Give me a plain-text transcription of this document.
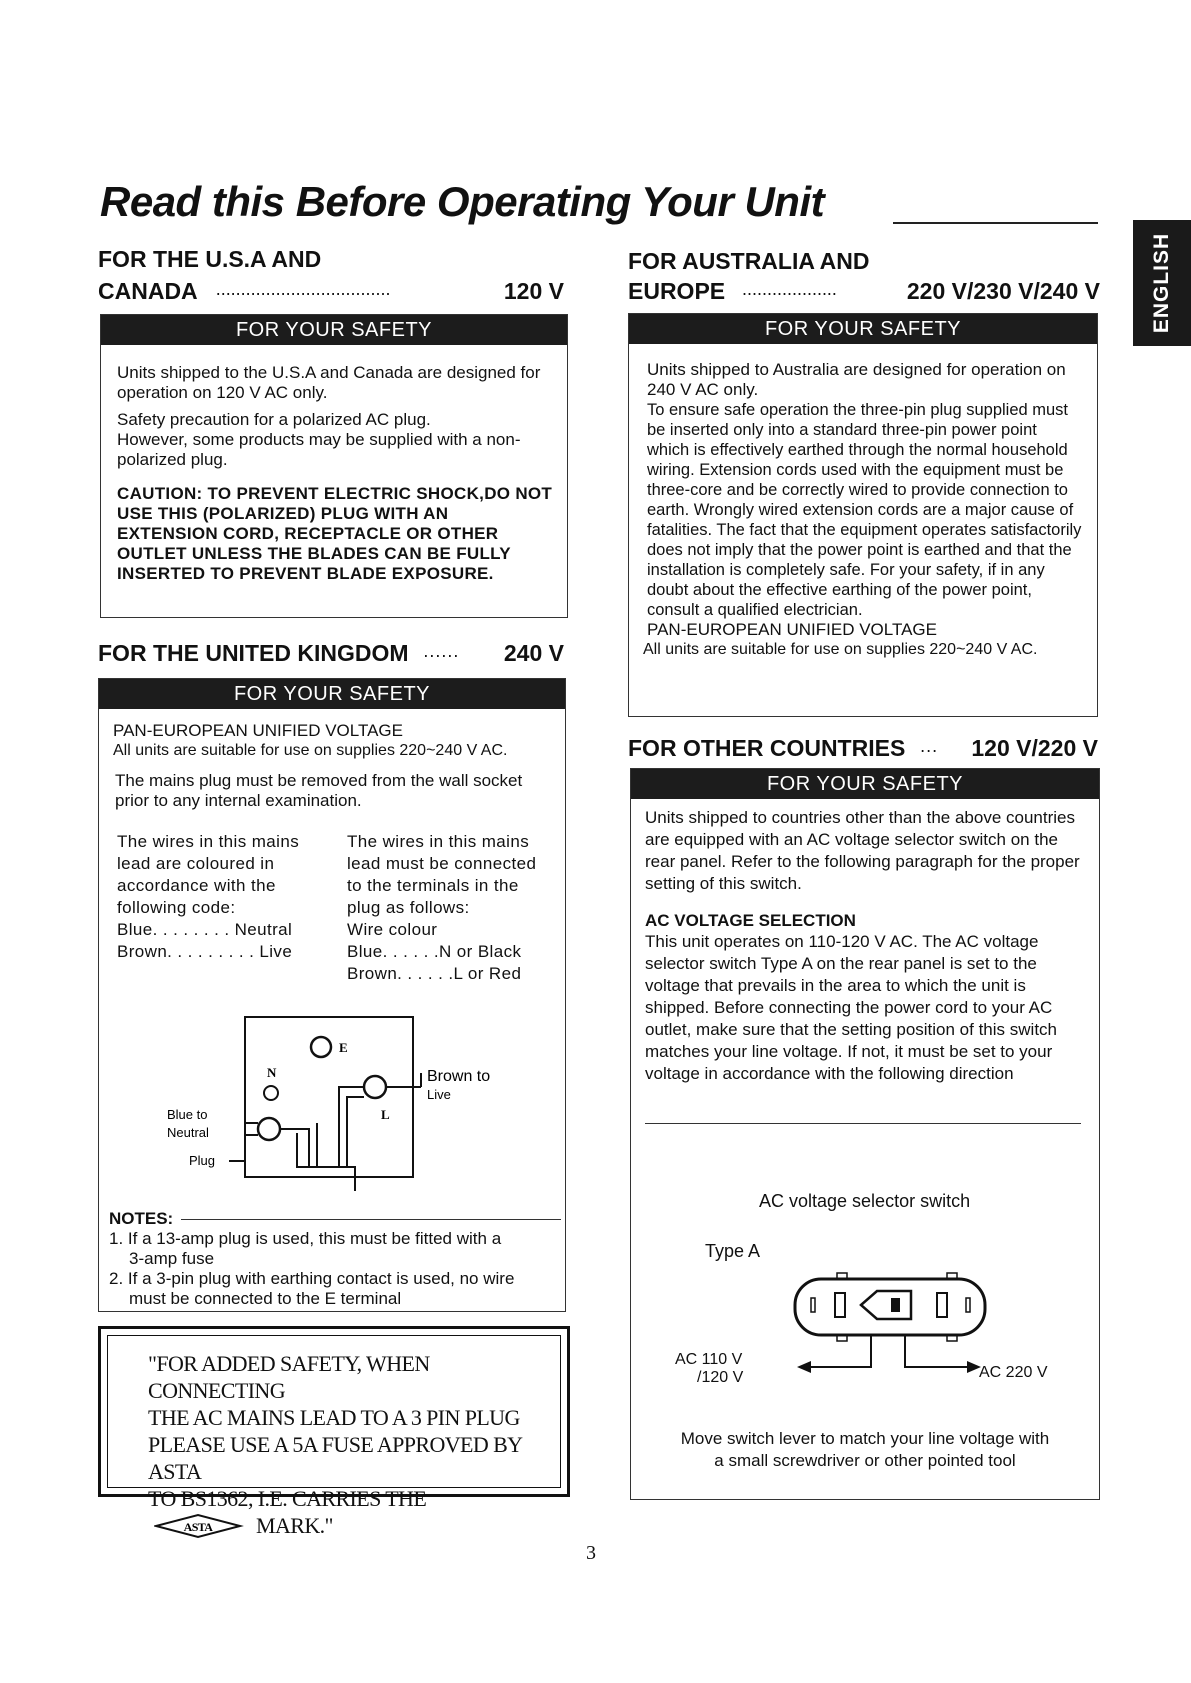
Read this Before Operating Your Unit
ENGLISH
FOR THE U.S.A AND
CANADA ···································	120 V
FOR YOUR SAFETY
Units shipped to the U.S.A and Canada are designed for operation on 120 V AC only.
Safety precaution for a polarized AC plug.
However, some products may be supplied with a non-polarized plug.
CAUTION: TO PREVENT ELECTRIC SHOCK,DO NOT USE THIS (POLARIZED) PLUG WITH AN EXTENSION CORD, RECEPTACLE OR OTHER OUTLET UNLESS THE BLADES CAN BE FULLY INSERTED TO PREVENT BLADE EXPOSURE.
FOR THE UNITED KINGDOM ······ 240 V
FOR YOUR SAFETY
PAN-EUROPEAN UNIFIED VOLTAGE
All units are suitable for use on supplies 220~240 V AC.
The mains plug must be removed from the wall socket prior to any internal examination.
The wires in this mains
lead are coloured in
accordance with the
following code:
Blue. . . . . . . . Neutral
Brown. . . . . . . . . Live
The wires in this mains
lead must be connected
to the terminals in the
plug as follows:
Wire colour
Blue. . . . . .N or Black
Brown. . . . . .L or Red
E
N
L
Blue to
Neutral
Brown to
Live
Plug
NOTES:
1. If a 13-amp plug is used, this must be fitted with a
3-amp fuse
2. If a 3-pin plug with earthing contact is used, no wire
must be connected to the E terminal
"FOR ADDED SAFETY, WHEN CONNECTING
THE AC MAINS LEAD TO A 3 PIN PLUG
PLEASE USE A 5A FUSE APPROVED BY ASTA
TO BS1362, I.E. CARRIES THE
ASTA MARK."
FOR AUSTRALIA AND
EUROPE ···················	220 V/230 V/240 V
FOR YOUR SAFETY
Units shipped to Australia are designed for operation on 240 V AC only.
To ensure safe operation the three-pin plug supplied must be inserted only into a standard three-pin power point which is effectively earthed through the normal household wiring. Extension cords used with the equipment must be three-core and be correctly wired to provide connection to earth. Wrongly wired extension cords are a major cause of fatalities. The fact that the equipment operates satisfactorily does not imply that the power point is earthed and that the installation is completely safe. For your safety, if in any doubt about the effective earthing of the power point, consult a qualified electrician.
PAN-EUROPEAN UNIFIED VOLTAGE
All units are suitable for use on supplies 220~240 V AC.
FOR OTHER COUNTRIES ··· 120 V/220 V
FOR YOUR SAFETY
Units shipped to countries other than the above countries are equipped with an AC voltage selector switch on the rear panel. Refer to the following paragraph for the proper setting of this switch.
AC VOLTAGE SELECTION
This unit operates on 110-120 V AC. The AC voltage selector switch Type A on the rear panel is set to the voltage that prevails in the area to which the unit is shipped. Before connecting the power cord to your AC outlet, make sure that the setting position of this switch matches your line voltage. If not, it must be set to your voltage in accordance with the following direction
AC voltage selector switch
Type A
AC 110 V
/120 V	AC 220 V
Move switch lever to match your line voltage with
a small screwdriver or other pointed tool
3
